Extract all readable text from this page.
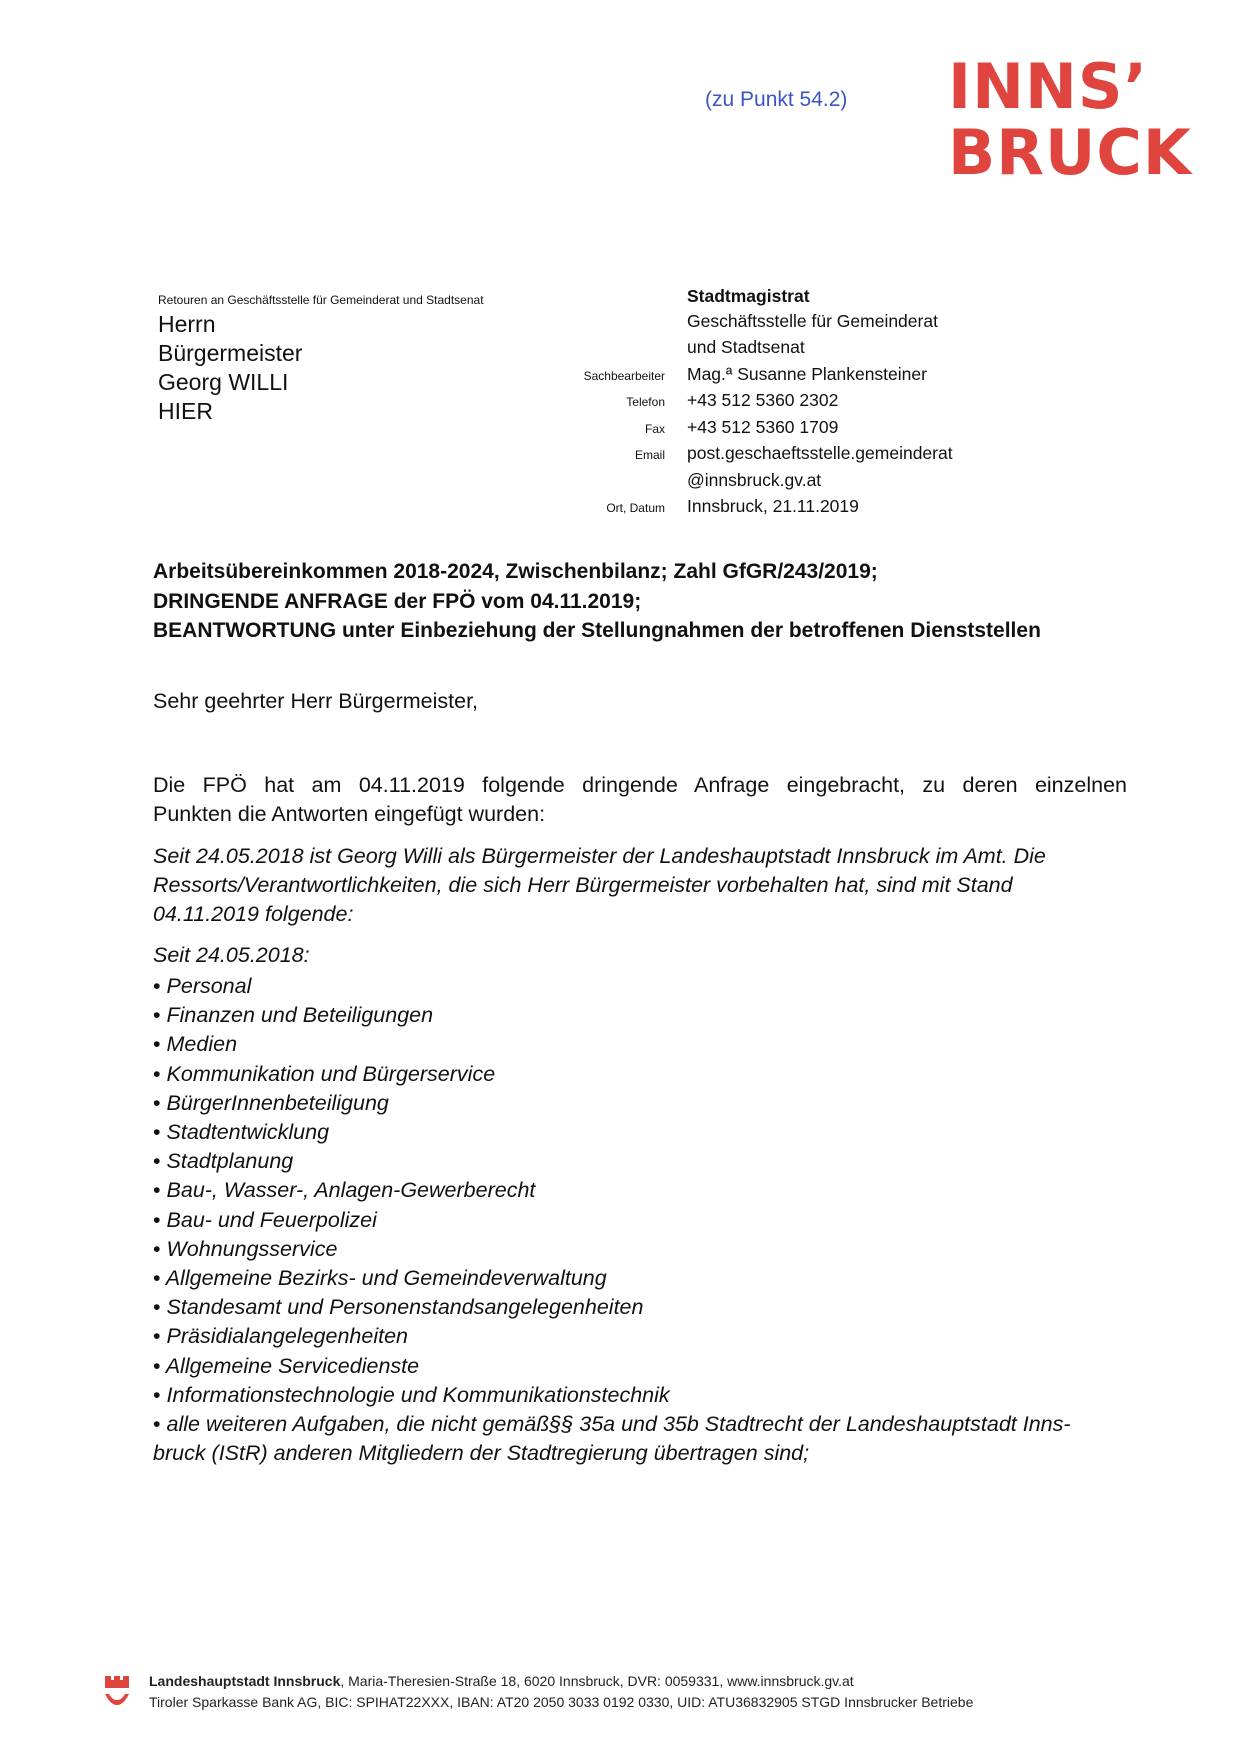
(zu Punkt 54.2) INNS’
BRUCK
Retouren an Geschäftsstelle für Gemeinderat und Stadtsenat
Herrn
Bürgermeister
Georg WILLI
HIER
Stadtmagistrat
Geschäftsstelle für Gemeinderat
und Stadtsenat
Sachbearbeiter Mag.ª Susanne Plankensteiner
Telefon +43 512 5360 2302
Fax +43 512 5360 1709
Email post.geschaeftsstelle.gemeinderat
@innsbruck.gv.at
Ort, Datum Innsbruck, 21.11.2019
Arbeitsübereinkommen 2018-2024, Zwischenbilanz; Zahl GfGR/243/2019;
DRINGENDE ANFRAGE der FPÖ vom 04.11.2019;
BEANTWORTUNG unter Einbeziehung der Stellungnahmen der betroffenen Dienststellen
Sehr geehrter Herr Bürgermeister,
Die FPÖ hat am 04.11.2019 folgende dringende Anfrage eingebracht, zu deren einzelnen
Punkten die Antworten eingefügt wurden:
Seit 24.05.2018 ist Georg Willi als Bürgermeister der Landeshauptstadt Innsbruck im Amt. Die
Ressorts/Verantwortlichkeiten, die sich Herr Bürgermeister vorbehalten hat, sind mit Stand
04.11.2019 folgende:
Seit 24.05.2018:
• Personal
• Finanzen und Beteiligungen
• Medien
• Kommunikation und Bürgerservice
• BürgerInnenbeteiligung
• Stadtentwicklung
• Stadtplanung
• Bau-, Wasser-, Anlagen-Gewerberecht
• Bau- und Feuerpolizei
• Wohnungsservice
• Allgemeine Bezirks- und Gemeindeverwaltung
• Standesamt und Personenstandsangelegenheiten
• Präsidialangelegenheiten
• Allgemeine Servicedienste
• Informationstechnologie und Kommunikationstechnik
• alle weiteren Aufgaben, die nicht gemäß§§ 35a und 35b Stadtrecht der Landeshauptstadt Inns-
bruck (IStR) anderen Mitgliedern der Stadtregierung übertragen sind;
Landeshauptstadt Innsbruck, Maria-Theresien-Straße 18, 6020 Innsbruck, DVR: 0059331, www.innsbruck.gv.at
Tiroler Sparkasse Bank AG, BIC: SPIHAT22XXX, IBAN: AT20 2050 3033 0192 0330, UID: ATU36832905 STGD Innsbrucker Betriebe
